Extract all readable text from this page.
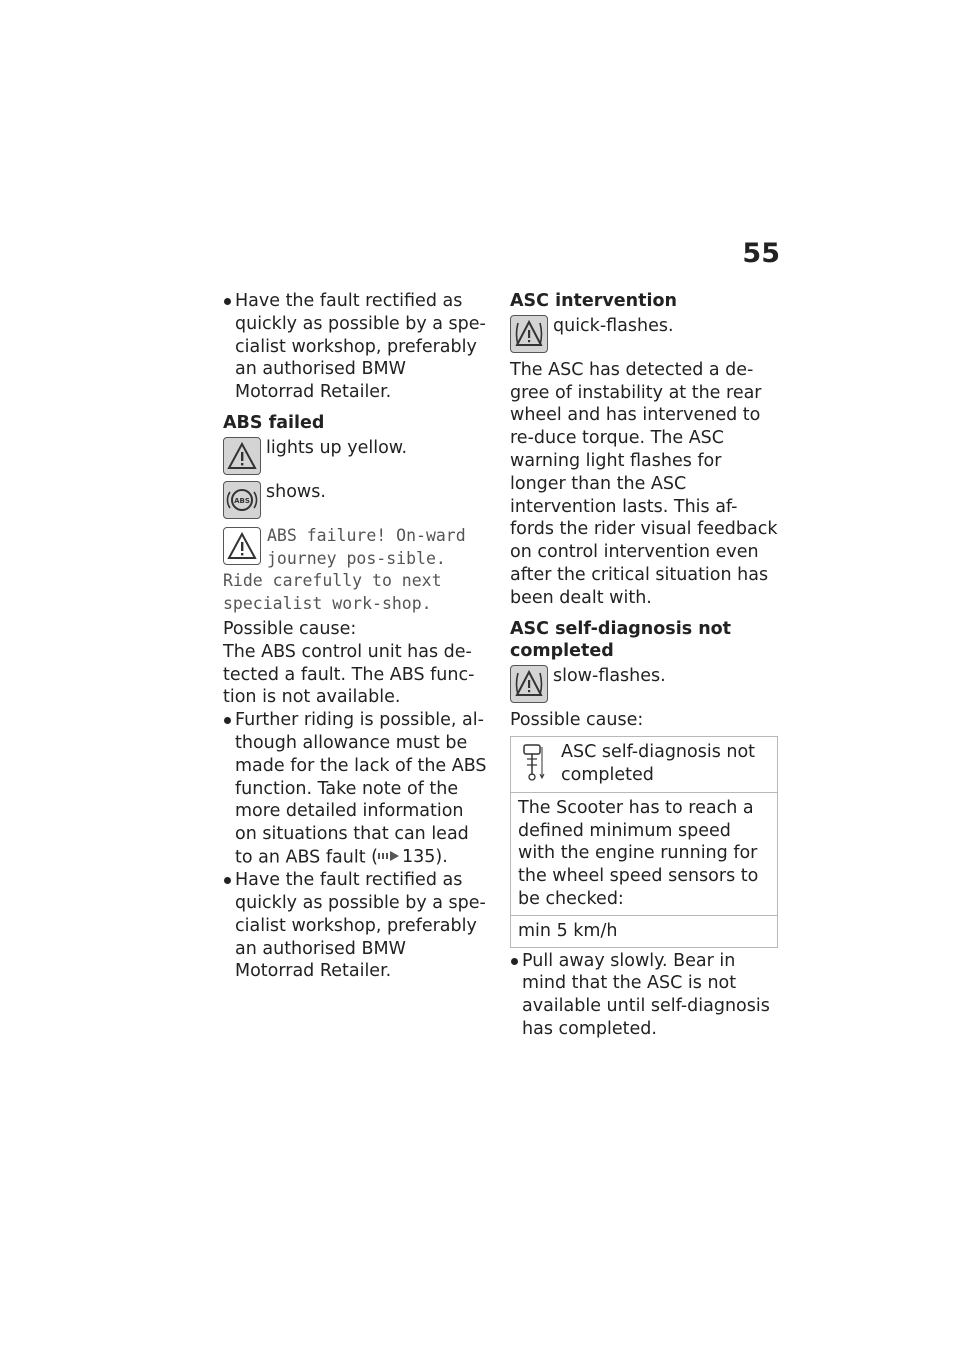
55

Have the fault rectified as quickly as possible by a spe-cialist workshop, preferably an authorised BMW Motorrad Retailer.

ABS failed

lights up yellow.
ABS shows.
ABS failure! On-ward journey pos-sible. Ride carefully to next specialist work-shop.

Possible cause:

The ABS control unit has de-tected a fault. The ABS func-tion is not available.

Further riding is possible, al-though allowance must be made for the lack of the ABS function. Take note of the more detailed information on situations that can lead to an ABS fault ( 135).

Have the fault rectified as quickly as possible by a spe-cialist workshop, preferably an authorised BMW Motorrad Retailer.

ASC intervention

quick-flashes.

The ASC has detected a de-gree of instability at the rear wheel and has intervened to re-duce torque. The ASC warning light flashes for longer than the ASC intervention lasts. This af-fords the rider visual feedback on control intervention even after the critical situation has been dealt with.

ASC self-diagnosis not completed

slow-flashes.

Possible cause:

ASC self-diagnosis not completed

The Scooter has to reach a defined minimum speed with the engine running for the wheel speed sensors to be checked:
min 5 km/h

Pull away slowly. Bear in mind that the ASC is not available until self-diagnosis has completed.
